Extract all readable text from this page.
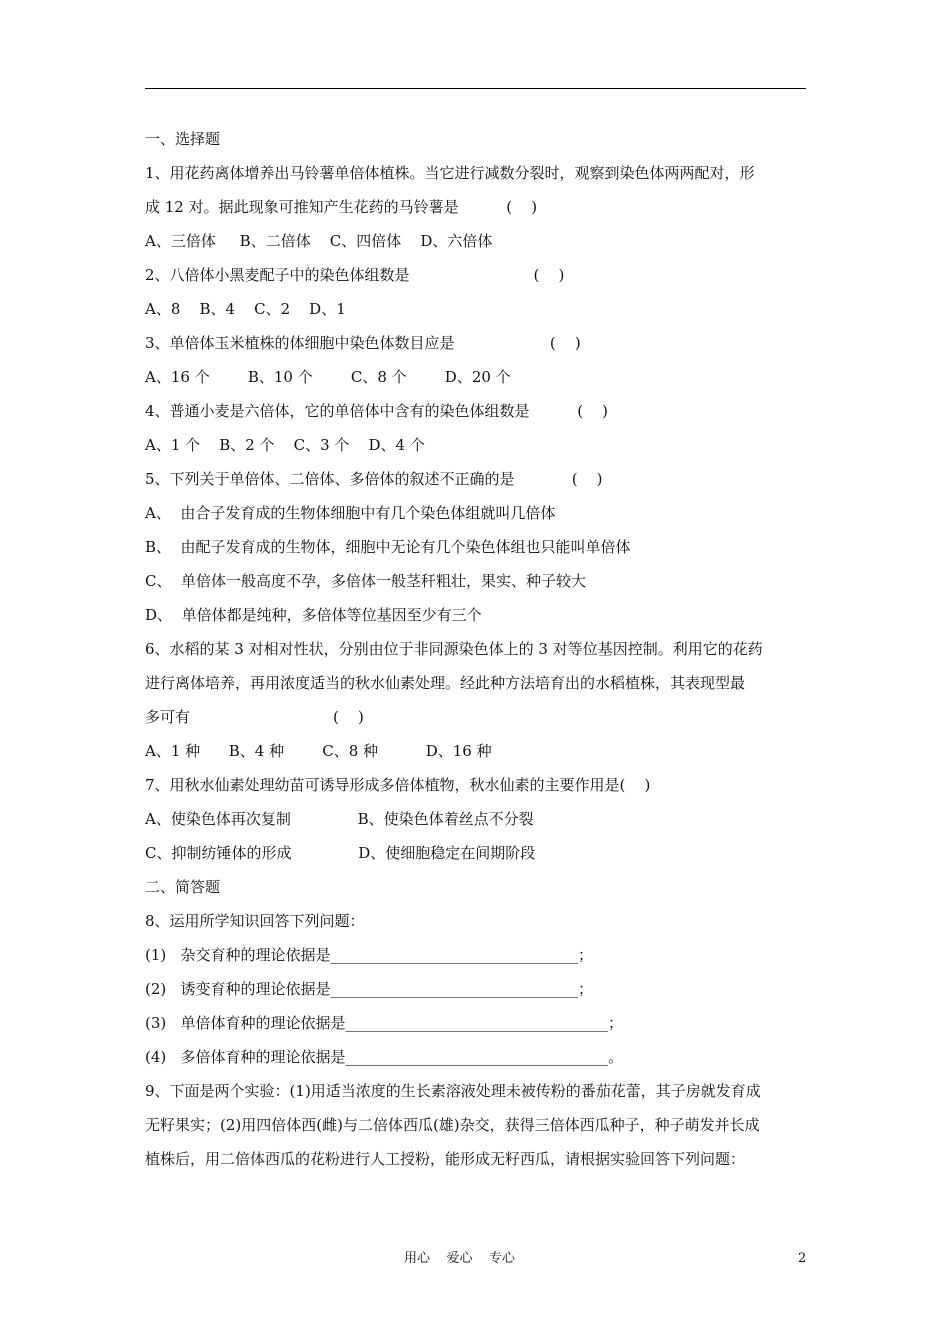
一、选择题
1、用花药离体增养出马铃薯单倍体植株。当它进行减数分裂时，观察到染色体两两配对，形
成 12 对。据此现象可推知产生花药的马铃薯是          (    )
A、三倍体     B、二倍体    C、四倍体    D、六倍体
2、八倍体小黑麦配子中的染色体组数是                          (    )
A、8    B、4    C、2    D、1
3、单倍体玉米植株的体细胞中染色体数目应是                    (    )
A、16 个        B、10 个        C、8 个        D、20 个
4、普通小麦是六倍体，它的单倍体中含有的染色体组数是          (    )
A、1 个    B、2 个    C、3 个    D、4 个
5、下列关于单倍体、二倍体、多倍体的叙述不正确的是            (    )
A、  由合子发育成的生物体细胞中有几个染色体组就叫几倍体
B、  由配子发育成的生物体，细胞中无论有几个染色体组也只能叫单倍体
C、  单倍体一般高度不孕，多倍体一般茎秆粗壮，果实、种子较大
D、  单倍体都是纯种，多倍体等位基因至少有三个
6、水稻的某 3 对相对性状，分别由位于非同源染色体上的 3 对等位基因控制。利用它的花药
进行离体培养，再用浓度适当的秋水仙素处理。经此种方法培育出的水稻植株，其表现型最
多可有                              (    )
A、1 种      B、4 种        C、8 种          D、16 种
7、用秋水仙素处理幼苗可诱导形成多倍体植物，秋水仙素的主要作用是(    )
A、使染色体再次复制              B、使染色体着丝点不分裂
C、抑制纺锤体的形成              D、使细胞稳定在间期阶段
二、简答题
8、运用所学知识回答下列问题：
(1)   杂交育种的理论依据是_________________________________；
(2)   诱变育种的理论依据是_________________________________；
(3)   单倍体育种的理论依据是___________________________________；
(4)   多倍体育种的理论依据是___________________________________。
9、下面是两个实验：(1)用适当浓度的生长素溶液处理未被传粉的番茄花蕾，其子房就发育成
无籽果实；(2)用四倍体西(雌)与二倍体西瓜(雄)杂交，获得三倍体西瓜种子，种子萌发并长成
植株后，用二倍体西瓜的花粉进行人工授粉，能形成无籽西瓜，请根据实验回答下列问题：
用心    爱心    专心	2
